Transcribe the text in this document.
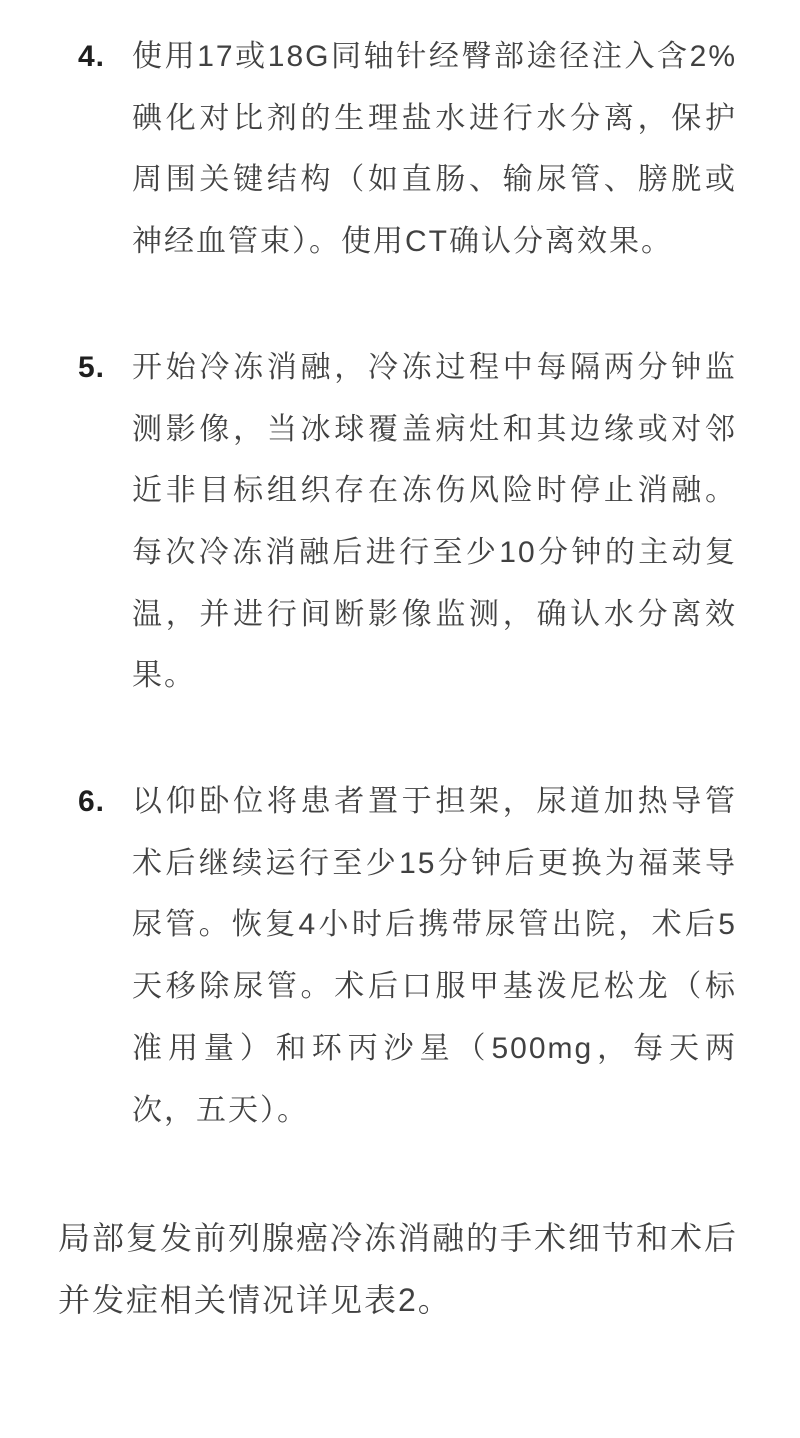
4. 使用17或18G同轴针经臀部途径注入含2%碘化对比剂的生理盐水进行水分离，保护周围关键结构（如直肠、输尿管、膀胱或神经血管束）。使用CT确认分离效果。
5. 开始冷冻消融，冷冻过程中每隔两分钟监测影像，当冰球覆盖病灶和其边缘或对邻近非目标组织存在冻伤风险时停止消融。每次冷冻消融后进行至少10分钟的主动复温，并进行间断影像监测，确认水分离效果。
6. 以仰卧位将患者置于担架，尿道加热导管术后继续运行至少15分钟后更换为福莱导尿管。恢复4小时后携带尿管出院，术后5天移除尿管。术后口服甲基泼尼松龙（标准用量）和环丙沙星（500mg，每天两次，五天）。

局部复发前列腺癌冷冻消融的手术细节和术后并发症相关情况详见表2。
